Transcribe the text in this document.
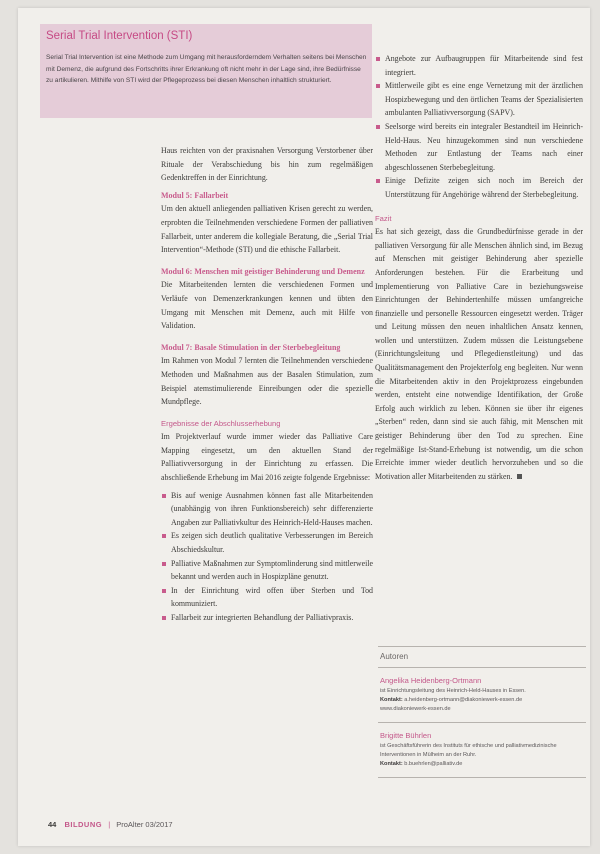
Serial Trial Intervention (STI)
Serial Trial Intervention ist eine Methode zum Umgang mit herausforderndem Verhalten seitens bei Menschen mit Demenz, die aufgrund des Fortschritts ihrer Erkrankung oft nicht mehr in der Lage sind, ihre Bedürfnisse zu artikulieren. Mithilfe von STI wird der Pflegeprozess bei diesen Menschen inhaltlich strukturiert.

Haus reichten von der praxisnahen Versorgung Verstorbener über Rituale der Verabschiedung bis hin zum regelmäßigen Gedenktreffen in der Einrichtung.

Modul 5: Fallarbeit

Um den aktuell anliegenden palliativen Krisen gerecht zu werden, erprobten die Teilnehmenden verschiedene Formen der palliativen Fallarbeit, unter anderem die kollegiale Beratung, die „Serial Trial Intervention“-Methode (STI) und die ethische Fallarbeit.

Modul 6: Menschen mit geistiger Behinderung und Demenz

Die Mitarbeitenden lernten die verschiedenen Formen und Verläufe von Demenzerkrankungen kennen und übten den Umgang mit Menschen mit Demenz, auch mit Hilfe von Validation.

Modul 7: Basale Stimulation in der Sterbebegleitung

Im Rahmen von Modul 7 lernten die Teilnehmenden verschiedene Methoden und Maßnahmen aus der Basalen Stimulation, zum Beispiel atemstimulierende Einreibungen oder die spezielle Mundpflege.

Ergebnisse der Abschlusserhebung

Im Projektverlauf wurde immer wieder das Palliative Care Mapping eingesetzt, um den aktuellen Stand der Palliativversorgung in der Einrichtung zu erfassen. Die abschließende Erhebung im Mai 2016 zeigte folgende Ergebnisse:

Bis auf wenige Ausnahmen können fast alle Mitarbeitenden (unabhängig von ihren Funktionsbereich) sehr differenzierte Angaben zur Palliativkultur des Heinrich-Held-Hauses machen.
Es zeigen sich deutlich qualitative Verbesserungen im Bereich Abschiedskultur.
Palliative Maßnahmen zur Symptomlinderung sind mittlerweile bekannt und werden auch in Hospizpläne genutzt.
In der Einrichtung wird offen über Sterben und Tod kommuniziert.
Fallarbeit zur integrierten Behandlung der Palliativpraxis.
Angebote zur Aufbaugruppen für Mitarbeitende sind fest integriert.
Mittlerweile gibt es eine enge Vernetzung mit der ärztlichen Hospizbewegung und den örtlichen Teams der Spezialisierten ambulanten Palliativversorgung (SAPV).
Seelsorge wird bereits ein integraler Bestandteil im Heinrich-Held-Haus. Neu hinzugekommen sind nun verschiedene Methoden zur Entlastung der Teams nach einer abgeschlossenen Sterbebegleitung.
Einige Defizite zeigen sich noch im Bereich der Unterstützung für Angehörige während der Sterbebegleitung.
Fazit

Es hat sich gezeigt, dass die Grundbedürfnisse gerade in der palliativen Versorgung für alle Menschen ähnlich sind, im Bezug auf Menschen mit geistiger Behinderung aber spezielle Anforderungen bestehen. Für die Erarbeitung und Implementierung von Palliative Care in beziehungsweise Einrichtungen der Behindertenhilfe müssen umfangreiche finanzielle und personelle Ressourcen eingesetzt werden. Träger und Leitung müssen den neuen inhaltlichen Ansatz kennen, wollen und unterstützen. Zudem müssen die Leistungsebene (Einrichtungsleitung und Pflegedienstleitung) und das Qualitätsmanagement den Projekterfolg eng begleiten. Nur wenn die Mitarbeitenden aktiv in den Projektprozess eingebunden werden, entsteht eine notwendige Identifikation, der Große Erfolg auch wirklich zu leben. Können sie über ihr eigenes „Sterben“ reden, dann sind sie auch fähig, mit Menschen mit geistiger Behinderung über den Tod zu sprechen. Eine regelmäßige Ist-Stand-Erhebung ist notwendig, um die schon Erreichte immer wieder deutlich hervorzuheben und so die Motivation aller Mitarbeitenden zu stärken.

Autoren
Angelika Heidenberg-Ortmann
ist Einrichtungsleitung des Heinrich-Held-Hauses in Essen.
Kontakt: a.heidenberg-ortmann@diakoniewerk-essen.de
www.diakoniewerk-essen.de
Brigitte Bührlen
ist Geschäftsführerin des Instituts für ethische und palliativmedizinische Interventionen in Mülheim an der Ruhr.
Kontakt: b.buehrlen@palliativ.de
44 BILDUNG | ProAlter 03/2017
